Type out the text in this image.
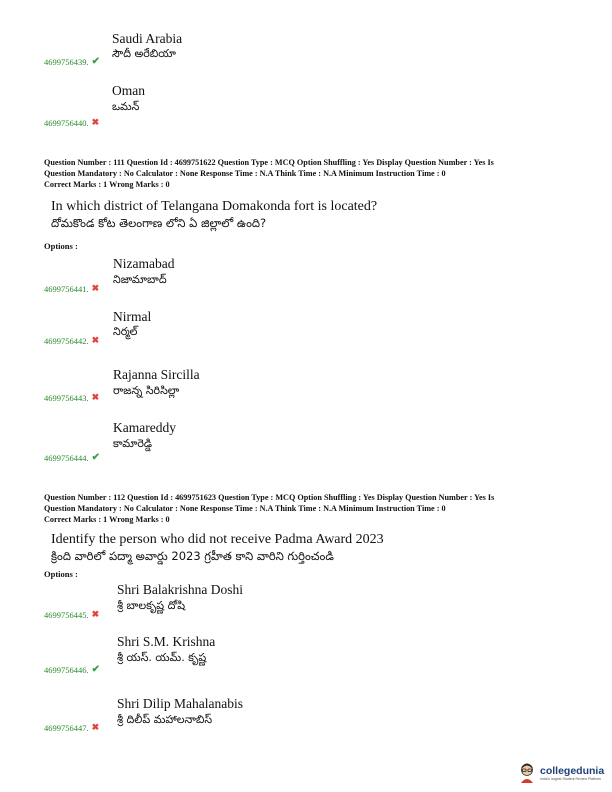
Saudi Arabia
సౌదీ అరేబియా
4699756439. ✔
Oman
ఒమన్
4699756440. ✖
Question Number : 111 Question Id : 4699751622 Question Type : MCQ Option Shuffling : Yes Display Question Number : Yes Is
Question Mandatory : No Calculator : None Response Time : N.A Think Time : N.A Minimum Instruction Time : 0
Correct Marks : 1 Wrong Marks : 0
In which district of Telangana Domakonda fort is located?
దోమకొండ కోట తెలంగాణ లోని ఏ జిల్లాలో ఉంది?
Options :
Nizamabad
నిజామాబాద్
4699756441. ✖
Nirmal
నిర్మల్
4699756442. ✖
Rajanna Sircilla
రాజన్న సిరిసిల్లా
4699756443. ✖
Kamareddy
కామారెడ్డి
4699756444. ✔
Question Number : 112 Question Id : 4699751623 Question Type : MCQ Option Shuffling : Yes Display Question Number : Yes Is
Question Mandatory : No Calculator : None Response Time : N.A Think Time : N.A Minimum Instruction Time : 0
Correct Marks : 1 Wrong Marks : 0
Identify the person who did not receive Padma Award 2023
క్రింది వారిలో పద్మా అవార్డు 2023 గ్రహీత కాని వారిని గుర్తించండి
Options :
Shri Balakrishna Doshi
శ్రీ బాలకృష్ణ దోషి
4699756445. ✖
Shri S.M. Krishna
శ్రీ యస్. యమ్. కృష్ణ
4699756446. ✔
Shri Dilip Mahalanabis
శ్రీ దిలీప్ మహాలనాబిస్
4699756447. ✖
collegedunia
India's largest Student Review Platform
